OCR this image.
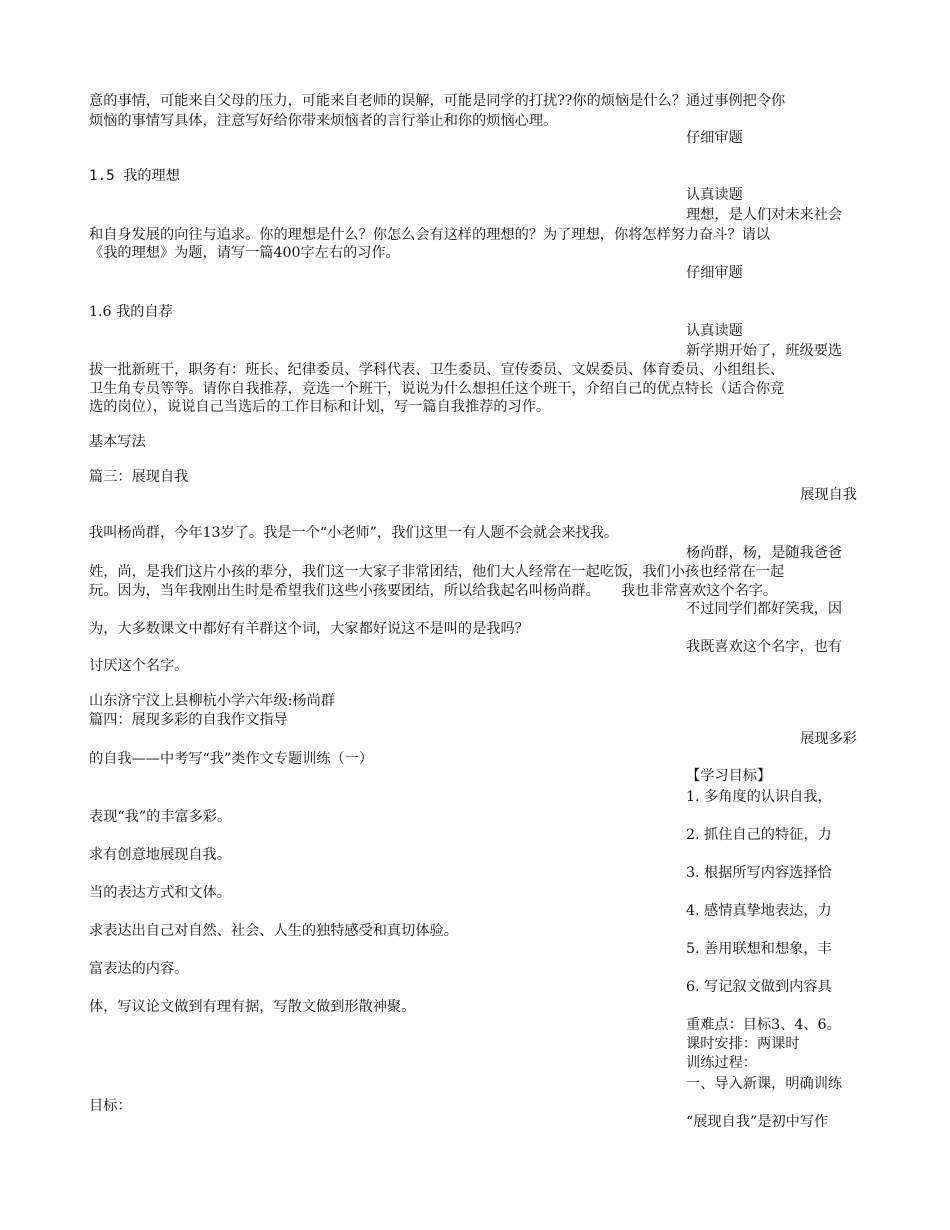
意的事情，可能来自父母的压力，可能来自老师的误解，可能是同学的打扰??你的烦恼是什么？通过事例把令你
烦恼的事情写具体，注意写好给你带来烦恼者的言行举止和你的烦恼心理。
仔细审题
1.5 我的理想
认真读题
理想，是人们对未来社会
和自身发展的向往与追求。你的理想是什么？你怎么会有这样的理想的？为了理想，你将怎样努力奋斗？请以
《我的理想》为题，请写一篇400字左右的习作。
仔细审题
1.6 我的自荐
认真读题
新学期开始了，班级要选
拔一批新班干，职务有：班长、纪律委员、学科代表、卫生委员、宣传委员、文娱委员、体育委员、小组组长、
卫生角专员等等。请你自我推荐，竞选一个班干，说说为什么想担任这个班干，介绍自己的优点特长（适合你竞
选的岗位），说说自己当选后的工作目标和计划，写一篇自我推荐的习作。
基本写法
篇三：展现自我
展现自我
我叫杨尚群，今年13岁了。我是一个“小老师”，我们这里一有人题不会就会来找我。
杨尚群，杨，是随我爸爸
姓，尚，是我们这片小孩的辈分，我们这一大家子非常团结，他们大人经常在一起吃饭，我们小孩也经常在一起
玩。因为，当年我刚出生时是希望我们这些小孩要团结，所以给我起名叫杨尚群。　　我也非常喜欢这个名字。
不过同学们都好笑我，因
为，大多数课文中都好有羊群这个词，大家都好说这不是叫的是我吗？
我既喜欢这个名字，也有
讨厌这个名字。
山东济宁汶上县柳杭小学六年级:杨尚群
篇四：展现多彩的自我作文指导
展现多彩
的自我——中考写“我”类作文专题训练（一）
【学习目标】
1. 多角度的认识自我，
表现“我”的丰富多彩。
2. 抓住自己的特征，力
求有创意地展现自我。
3. 根据所写内容选择恰
当的表达方式和文体。
4. 感情真挚地表达，力
求表达出自己对自然、社会、人生的独特感受和真切体验。
5. 善用联想和想象，丰
富表达的内容。
6. 写记叙文做到内容具
体，写议论文做到有理有据，写散文做到形散神聚。
重难点：目标3、4、6。
课时安排：两课时
训练过程：
一、导入新课，明确训练
目标：
“展现自我”是初中写作
